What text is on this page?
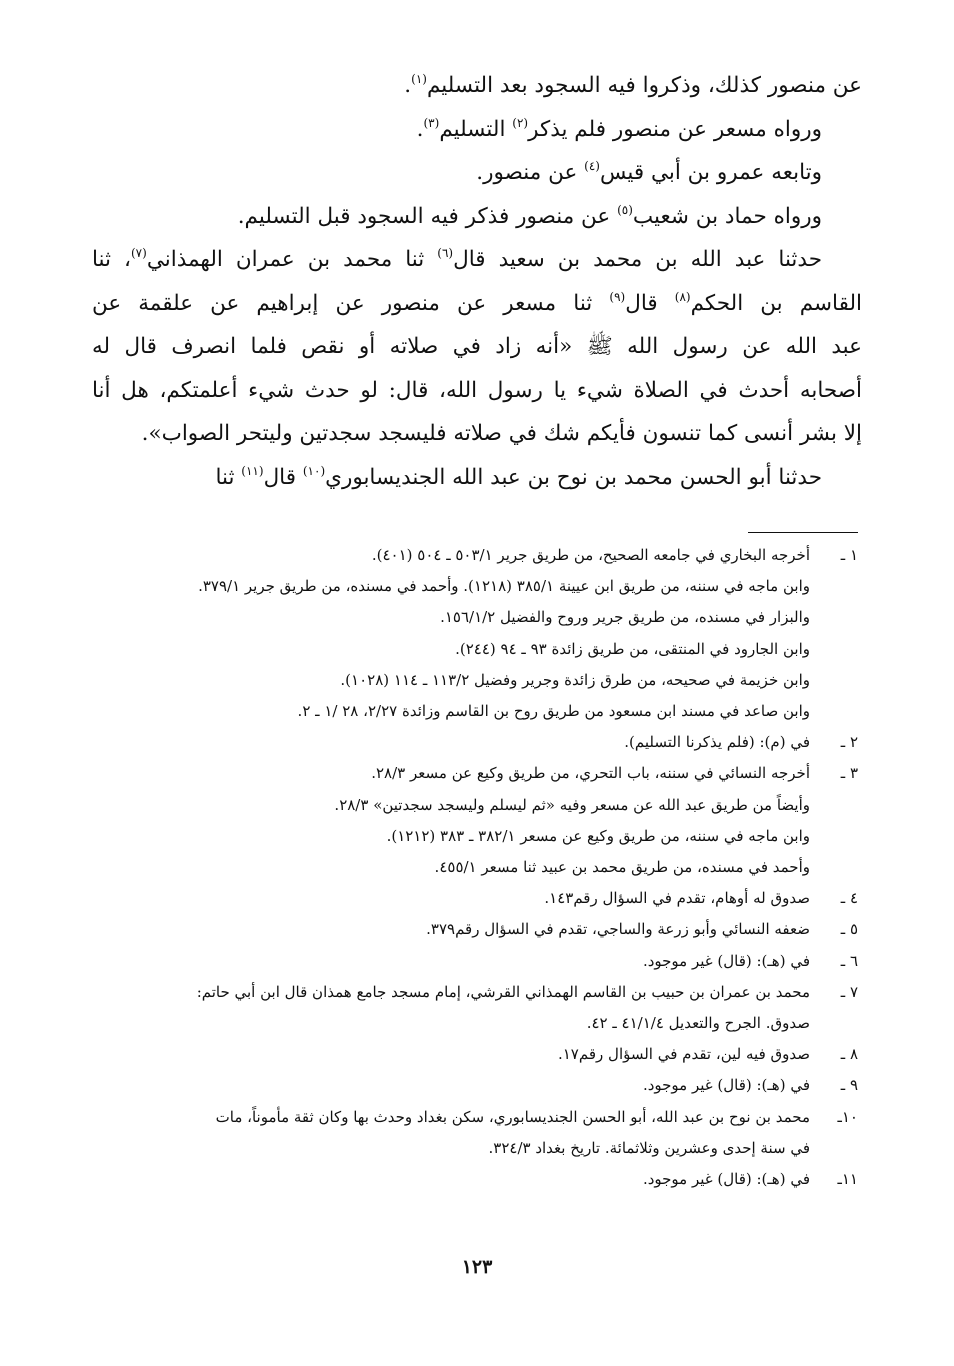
عن منصور كذلك، وذكروا فيه السجود بعد التسليم$^{(١)}$.

ورواه مسعر عن منصور فلم يذكر$^{(٢)}$ التسليم$^{(٣)}$.

وتابعه عمرو بن أبي قيس$^{(٤)}$ عن منصور.

ورواه حماد بن شعيب$^{(٥)}$ عن منصور فذكر فيه السجود قبل التسليم.

حدثنا عبد الله بن محمد بن سعيد قال$^{(٦)}$ ثنا محمد بن عمران الهمذاني$^{(٧)}$، ثنا

القاسم بن الحكم$^{(٨)}$ قال$^{(٩)}$ ثنا مسعر عن منصور عن إبراهيم عن علقمة عن

عبد الله عن رسول الله ﷺ «أنه زاد في صلاته أو نقص فلما انصرف قال له

أصحابه أحدث في الصلاة شيء يا رسول الله، قال: لو حدث شيء أعلمتكم، هل أنا

إلا بشر أنسى كما تنسون فأيكم شك في صلاته فليسجد سجدتين وليتحر الصواب».

حدثنا أبو الحسن محمد بن نوح بن عبد الله الجنديسابوري$^{(١٠)}$ قال$^{(١١)}$ ثنا

١ ـ
أخرجه البخاري في جامعه الصحيح، من طريق جرير ٥٠٣/١ ـ ٥٠٤ (٤٠١).
وابن ماجه في سننه، من طريق ابن عيينة ٣٨٥/١ (١٢١٨). وأحمد في مسنده، من طريق جرير ٣٧٩/١.
والبزار في مسنده، من طريق جرير وروح والفضيل ١٥٦/١/٢.
وابن الجارود في المنتقى، من طريق زائدة ٩٣ ـ ٩٤ (٢٤٤).
وابن خزيمة في صحيحه، من طرق زائدة وجرير وفضيل ١١٣/٢ ـ ١١٤ (١٠٢٨).
وابن صاعد في مسند ابن مسعود من طريق روح بن القاسم وزائدة ٢/٢٧، ٢٨ /١ ـ ٢.
٢ ـ
في (م): (فلم يذكرنا التسليم).
٣ ـ
أخرجه النسائي في سننه، باب التحري، من طريق وكيع عن مسعر ٢٨/٣.
وأيضاً من طريق عبد الله عن مسعر وفيه «ثم ليسلم وليسجد سجدتين» ٢٨/٣.
وابن ماجه في سننه، من طريق وكيع عن مسعر ٣٨٢/١ ـ ٣٨٣ (١٢١٢).
وأحمد في مسنده، من طريق محمد بن عبيد ثنا مسعر ٤٥٥/١.
٤ ـ
صدوق له أوهام، تقدم في السؤال رقم١٤٣.
٥ ـ
ضعفه النسائي وأبو زرعة والساجي، تقدم في السؤال رقم٣٧٩.
٦ ـ
في (هـ): (قال) غير موجود.
٧ ـ
محمد بن عمران بن حبيب بن القاسم الهمذاني القرشي، إمام مسجد جامع همذان قال ابن أبي حاتم:
صدوق. الجرح والتعديل ٤١/١/٤ ـ ٤٢.
٨ ـ
صدوق فيه لين، تقدم في السؤال رقم١٧.
٩ ـ
في (هـ): (قال) غير موجود.
١٠ـ
محمد بن نوح بن عبد الله، أبو الحسن الجنديسابوري، سكن بغداد وحدث بها وكان ثقة مأموناً، مات
في سنة إحدى وعشرين وثلاثمائة. تاريخ بغداد ٣٢٤/٣.
١١ـ
في (هـ): (قال) غير موجود.
١٢٣
